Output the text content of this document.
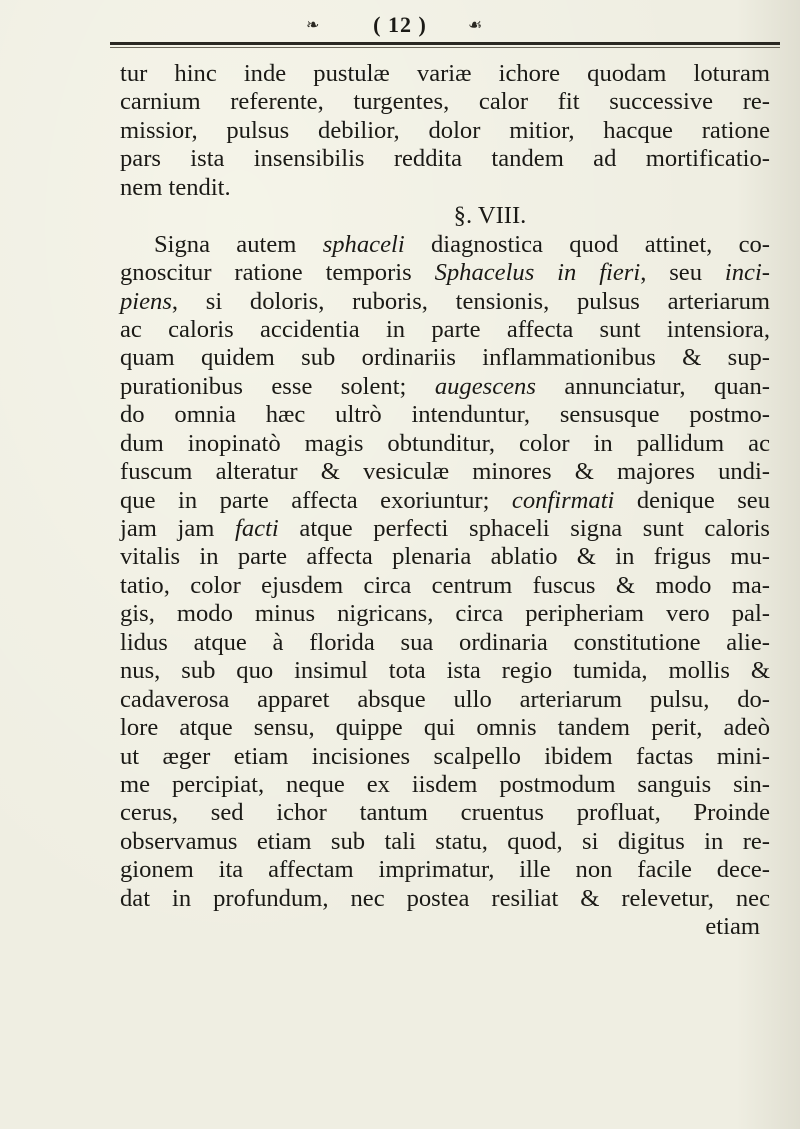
❧	( 12 )	☙
tur hinc inde pustulæ variæ ichore quodam loturam
carnium referente, turgentes, calor fit successive re-
missior, pulsus debilior, dolor mitior, hacque ratione
pars ista insensibilis reddita tandem ad mortificatio-
nem tendit.
§. VIII.
Signa autem sphaceli diagnostica quod attinet, co-
gnoscitur ratione temporis Sphacelus in fieri, seu inci-
piens, si doloris, ruboris, tensionis, pulsus arteriarum
ac caloris accidentia in parte affecta sunt intensiora,
quam quidem sub ordinariis inflammationibus & sup-
purationibus esse solent; augescens annunciatur, quan-
do omnia hæc ultrò intenduntur, sensusque postmo-
dum inopinatò magis obtunditur, color in pallidum ac
fuscum alteratur & vesiculæ minores & majores undi-
que in parte affecta exoriuntur; confirmati denique seu
jam jam facti atque perfecti sphaceli signa sunt caloris
vitalis in parte affecta plenaria ablatio & in frigus mu-
tatio, color ejusdem circa centrum fuscus & modo ma-
gis, modo minus nigricans, circa peripheriam vero pal-
lidus atque à florida sua ordinaria constitutione alie-
nus, sub quo insimul tota ista regio tumida, mollis &
cadaverosa apparet absque ullo arteriarum pulsu, do-
lore atque sensu, quippe qui omnis tandem perit, adeò
ut æger etiam incisiones scalpello ibidem factas mini-
me percipiat, neque ex iisdem postmodum sanguis sin-
cerus, sed ichor tantum cruentus profluat, Proinde
observamus etiam sub tali statu, quod, si digitus in re-
gionem ita affectam imprimatur, ille non facile dece-
dat in profundum, nec postea resiliat & relevetur, nec
etiam
